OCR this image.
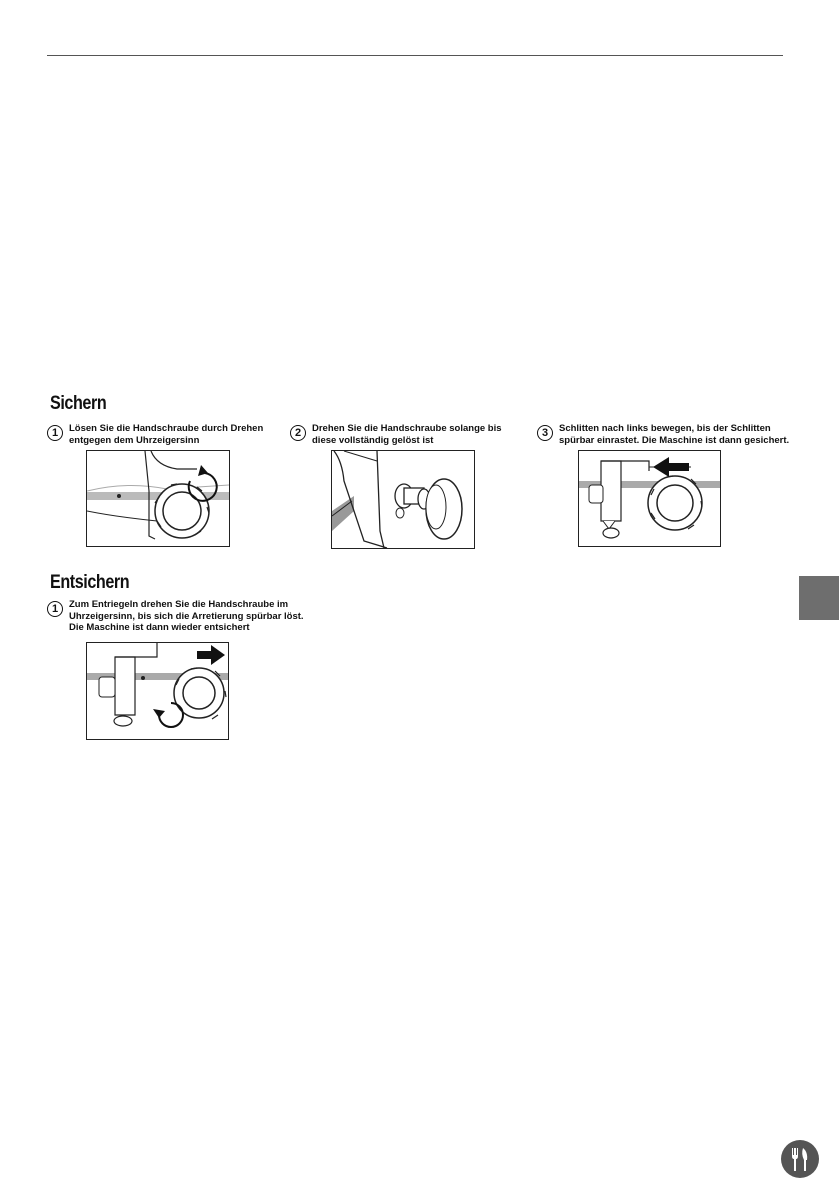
Sichern
1	Lösen Sie die Handschraube durch Drehen
entgegen dem Uhrzeigersinn
2	Drehen Sie die Handschraube solange bis
diese vollständig gelöst ist
3	Schlitten nach links bewegen, bis der Schlitten
spürbar einrastet. Die Maschine ist dann gesichert.
Entsichern
1	Zum Entriegeln drehen Sie die Handschraube im
Uhrzeigersinn, bis sich die Arretierung spürbar löst.
Die Maschine ist dann wieder entsichert
